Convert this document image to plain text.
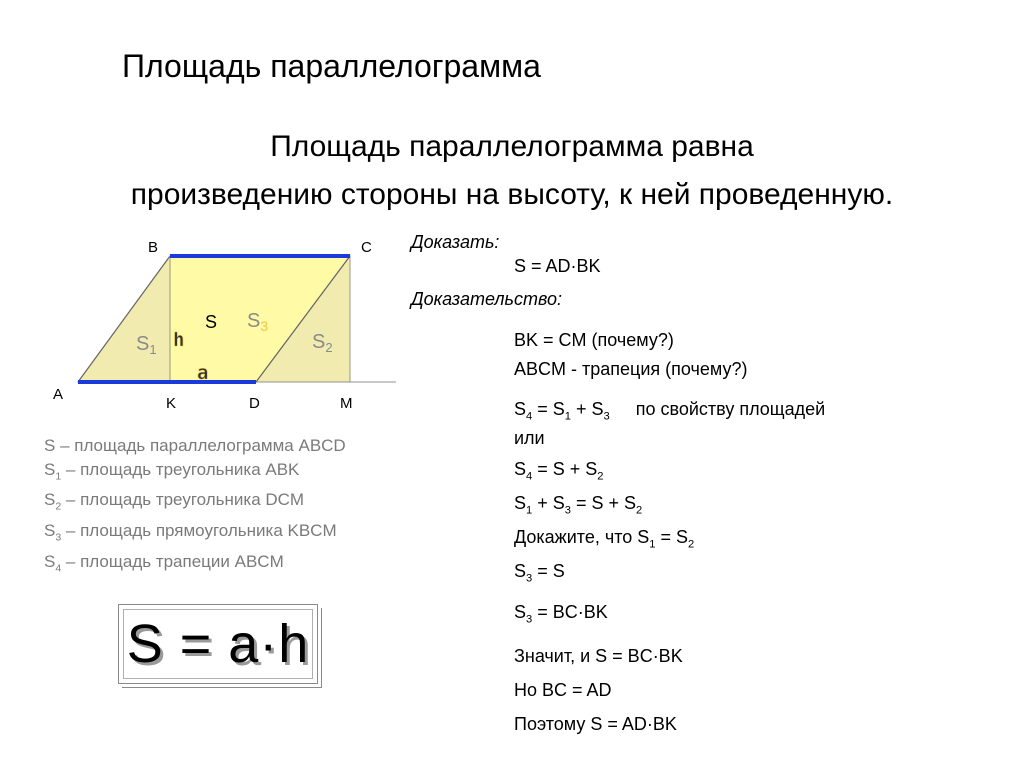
Площадь параллелограмма
Площадь параллелограмма равна
произведению стороны на высоту, к ней проведенную.
B	C
A
K	D	M
$S_1$
S $S_3$
$S_2$
h
a
S – площадь параллелограмма ABCD
$S_1$ – площадь треугольника ABK
$S_2$ – площадь треугольника DCM
$S_3$ – площадь прямоугольника KBCM
$S_4$ – площадь трапеции ABCM
S = a·h
Доказать:
S = AD·BK
Доказательство:
BK = CM (почему?)
ABCM - трапеция (почему?)
$S_4 = S_1 + S_3$ по свойству площадей
или
$S_4 = S + S_2$
$S_1 + S_3 = S + S_2$
Докажите, что $S_1 = S_2$
$S_3 = S$
$S_3 = BC\cdot BK$
Значит, и S = BC·BK
Но BC = AD
Поэтому S = AD·BK
